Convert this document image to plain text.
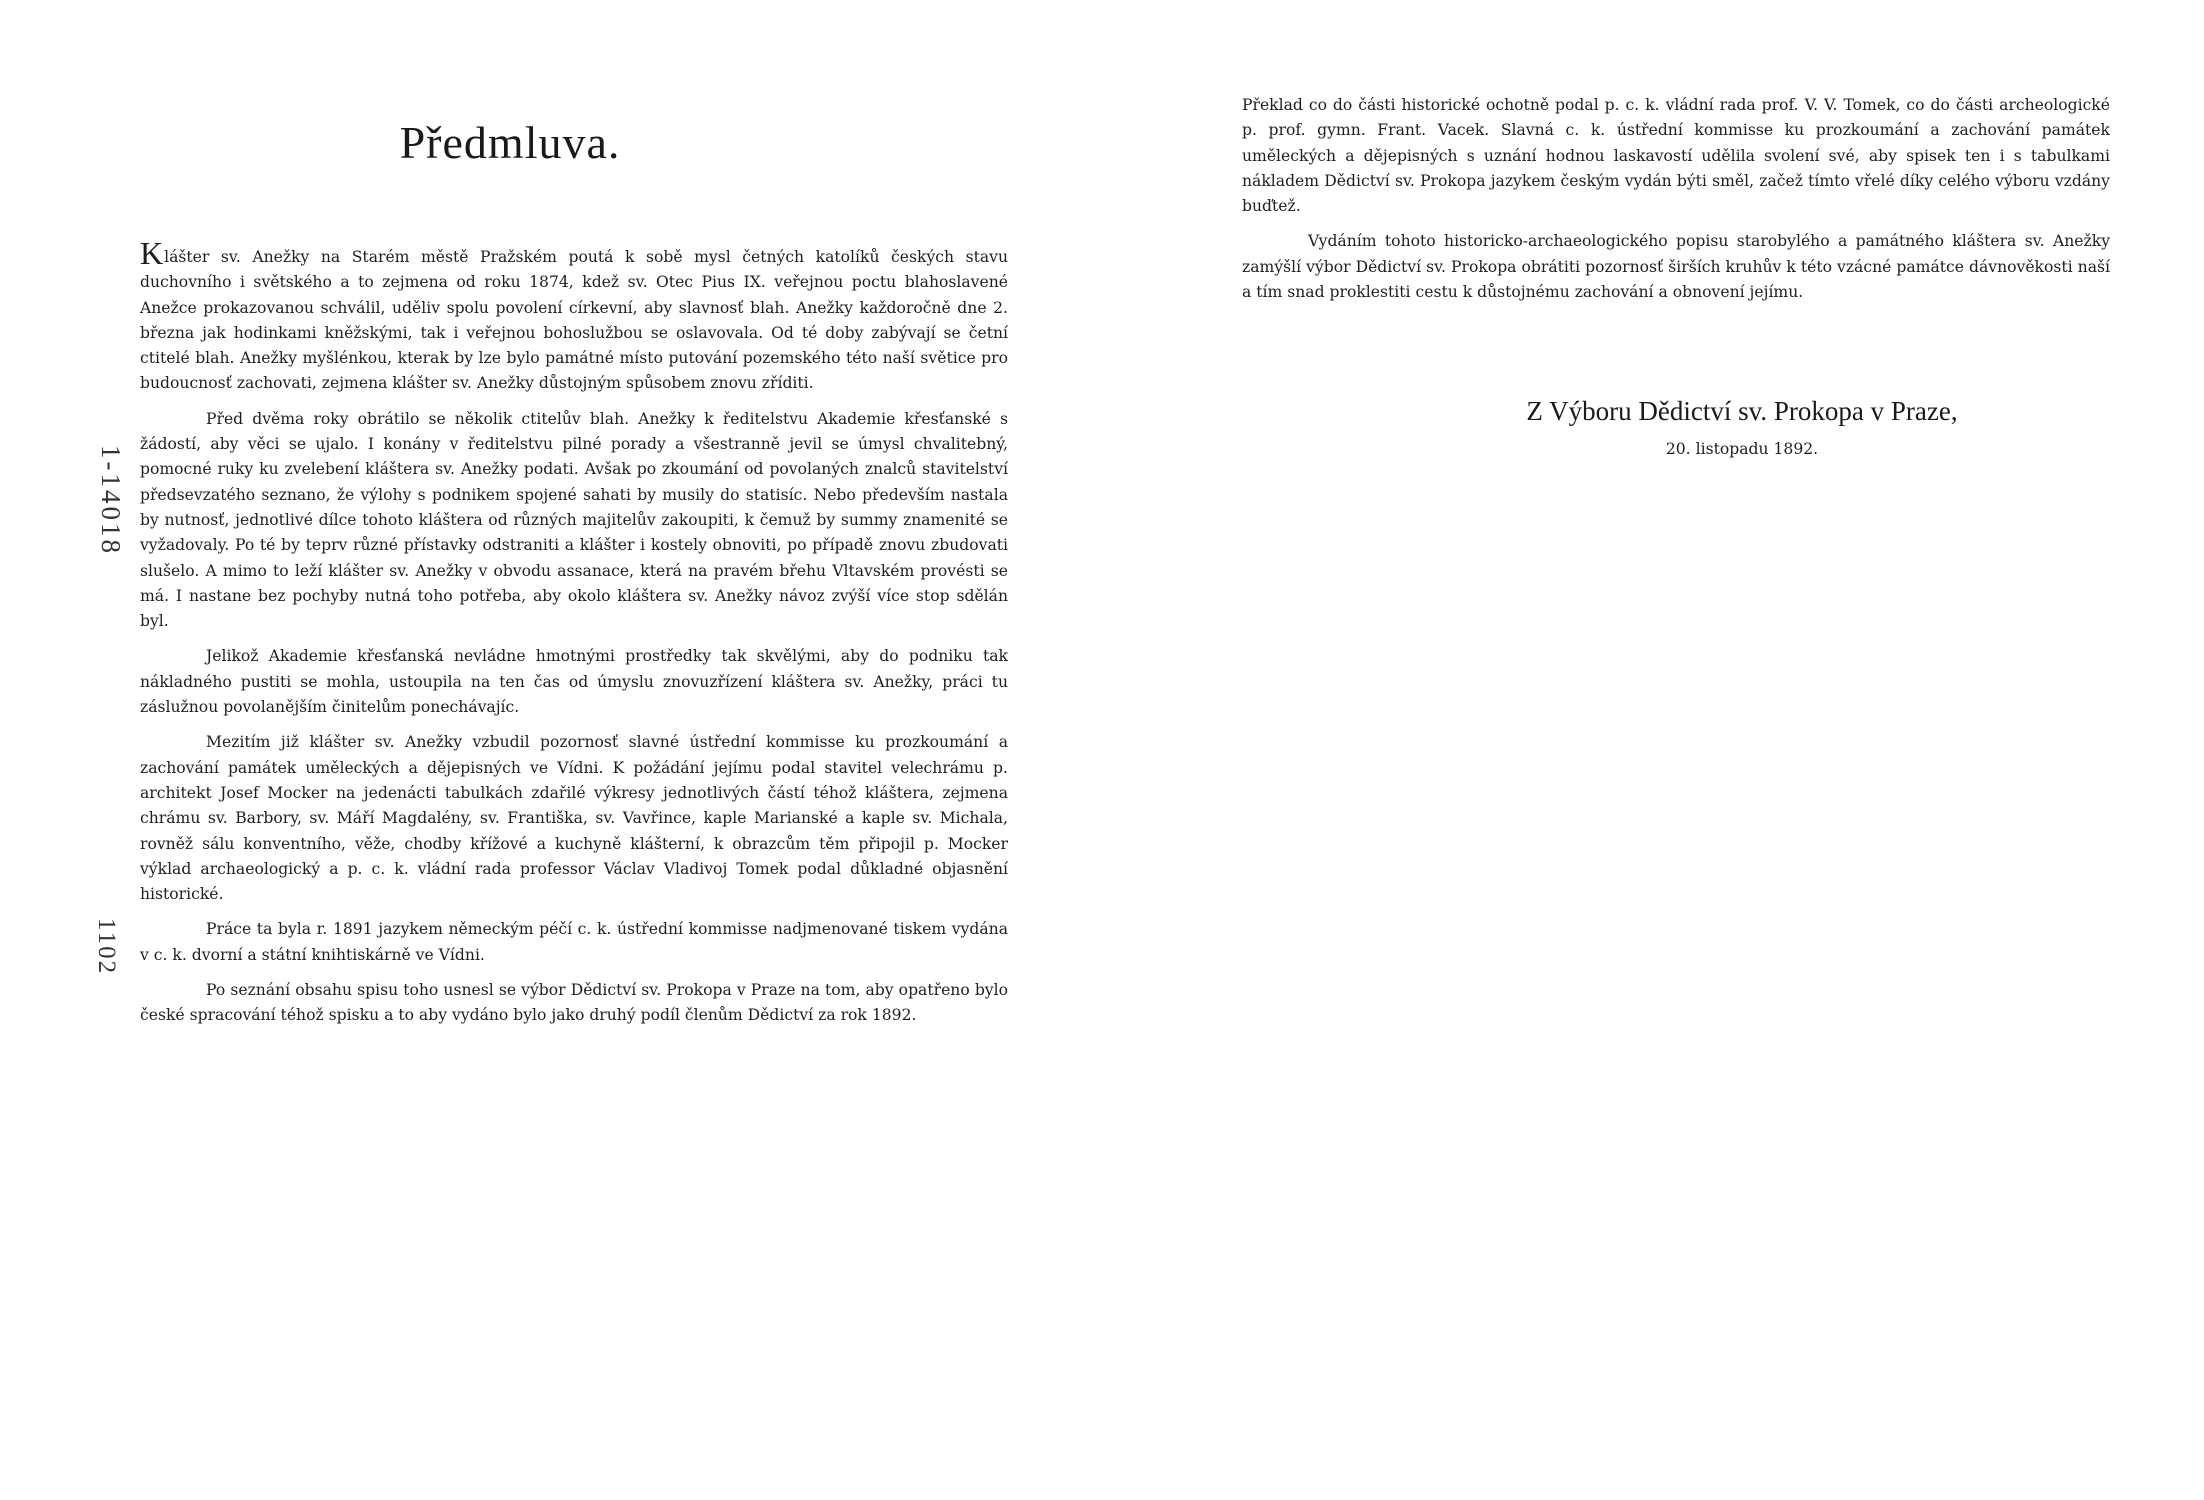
Předmluva.
1-14018
1102

Klášter sv. Anežky na Starém městě Pražském poutá k sobě mysl četných katolíků českých stavu duchovního i světského a to zejmena od roku 1874, kdež sv. Otec Pius IX. veřejnou poctu blahoslavené Anežce prokazovanou schválil, uděliv spolu povolení církevní, aby slavnosť blah. Anežky každoročně dne 2. března jak hodinkami kněžskými, tak i veřejnou bohoslužbou se oslavovala. Od té doby zabývají se četní ctitelé blah. Anežky myšlénkou, kterak by lze bylo památné místo putování pozemského této naší světice pro budoucnosť zachovati, zejmena klášter sv. Anežky důstojným spůsobem znovu zříditi.

Před dvěma roky obrátilo se několik ctitelův blah. Anežky k ředitelstvu Akademie křesťanské s žádostí, aby věci se ujalo. I konány v ředitelstvu pilné porady a všestranně jevil se úmysl chvalitebný, pomocné ruky ku zvelebení kláštera sv. Anežky podati. Avšak po zkoumání od povolaných znalců stavitelství předsevzatého seznano, že výlohy s podnikem spojené sahati by musily do statisíc. Nebo především nastala by nutnosť, jednotlivé dílce tohoto kláštera od různých majitelův zakoupiti, k čemuž by summy znamenité se vyžadovaly. Po té by teprv různé přístavky odstraniti a klášter i kostely obnoviti, po případě znovu zbudovati slušelo. A mimo to leží klášter sv. Anežky v obvodu assanace, která na pravém břehu Vltavském provésti se má. I nastane bez pochyby nutná toho potřeba, aby okolo kláštera sv. Anežky návoz zvýší více stop sdělán byl.

Jelikož Akademie křesťanská nevládne hmotnými prostředky tak skvělými, aby do podniku tak nákladného pustiti se mohla, ustoupila na ten čas od úmyslu znovuzřízení kláštera sv. Anežky, práci tu záslužnou povolanějším činitelům ponechávajíc.

Mezitím již klášter sv. Anežky vzbudil pozornosť slavné ústřední kommisse ku prozkoumání a zachování památek uměleckých a dějepisných ve Vídni. K požádání jejímu podal stavitel velechrámu p. architekt Josef Mocker na jedenácti tabulkách zdařilé výkresy jednotlivých částí téhož kláštera, zejmena chrámu sv. Barbory, sv. Máří Magdalény, sv. Františka, sv. Vavřince, kaple Marianské a kaple sv. Michala, rovněž sálu konventního, věže, chodby křížové a kuchyně klášterní, k obrazcům těm připojil p. Mocker výklad archaeologický a p. c. k. vládní rada professor Václav Vladivoj Tomek podal důkladné objasnění historické.

Práce ta byla r. 1891 jazykem německým péčí c. k. ústřední kommisse nadjmenované tiskem vydána v c. k. dvorní a státní knihtiskárně ve Vídni.

Po seznání obsahu spisu toho usnesl se výbor Dědictví sv. Prokopa v Praze na tom, aby opatřeno bylo české spracování téhož spisku a to aby vydáno bylo jako druhý podíl členům Dědictví za rok 1892.

Překlad co do části historické ochotně podal p. c. k. vládní rada prof. V. V. Tomek, co do části archeologické p. prof. gymn. Frant. Vacek. Slavná c. k. ústřední kommisse ku prozkoumání a zachování památek uměleckých a dějepisných s uznání hodnou laskavostí udělila svolení své, aby spisek ten i s tabulkami nákladem Dědictví sv. Prokopa jazykem českým vydán býti směl, začež tímto vřelé díky celého výboru vzdány buďtež.

Vydáním tohoto historicko-archaeologického popisu starobylého a památného kláštera sv. Anežky zamýšlí výbor Dědictví sv. Prokopa obrátiti pozornosť širších kruhův k této vzácné památce dávnověkosti naší a tím snad proklestiti cestu k důstojnému zachování a obnovení jejímu.

Z Výboru Dědictví sv. Prokopa v Praze,
20. listopadu 1892.
